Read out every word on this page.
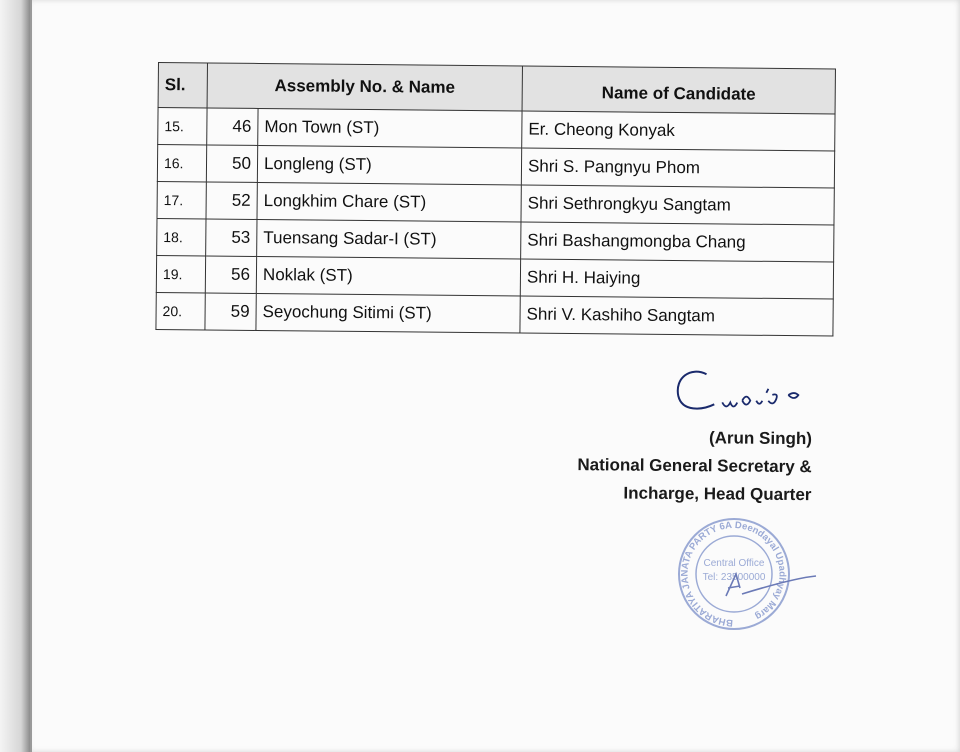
Sl.	Assembly No. & Name		Name of Candidate
15.	46	Mon Town (ST)	Er. Cheong Konyak
16.	50	Longleng (ST)	Shri S. Pangnyu Phom
17.	52	Longkhim Chare (ST)	Shri Sethrongkyu Sangtam
18.	53	Tuensang Sadar-I (ST)	Shri Bashangmongba Chang
19.	56	Noklak (ST)	Shri H. Haiying
20.	59	Seyochung Sitimi (ST)	Shri V. Kashiho Sangtam
(Arun Singh)
National General Secretary &
Incharge, Head Quarter
BHARATIYA JANATA PARTY 6A Deendayal Upadhyay Marg
Central Office
Tel: 23500000
